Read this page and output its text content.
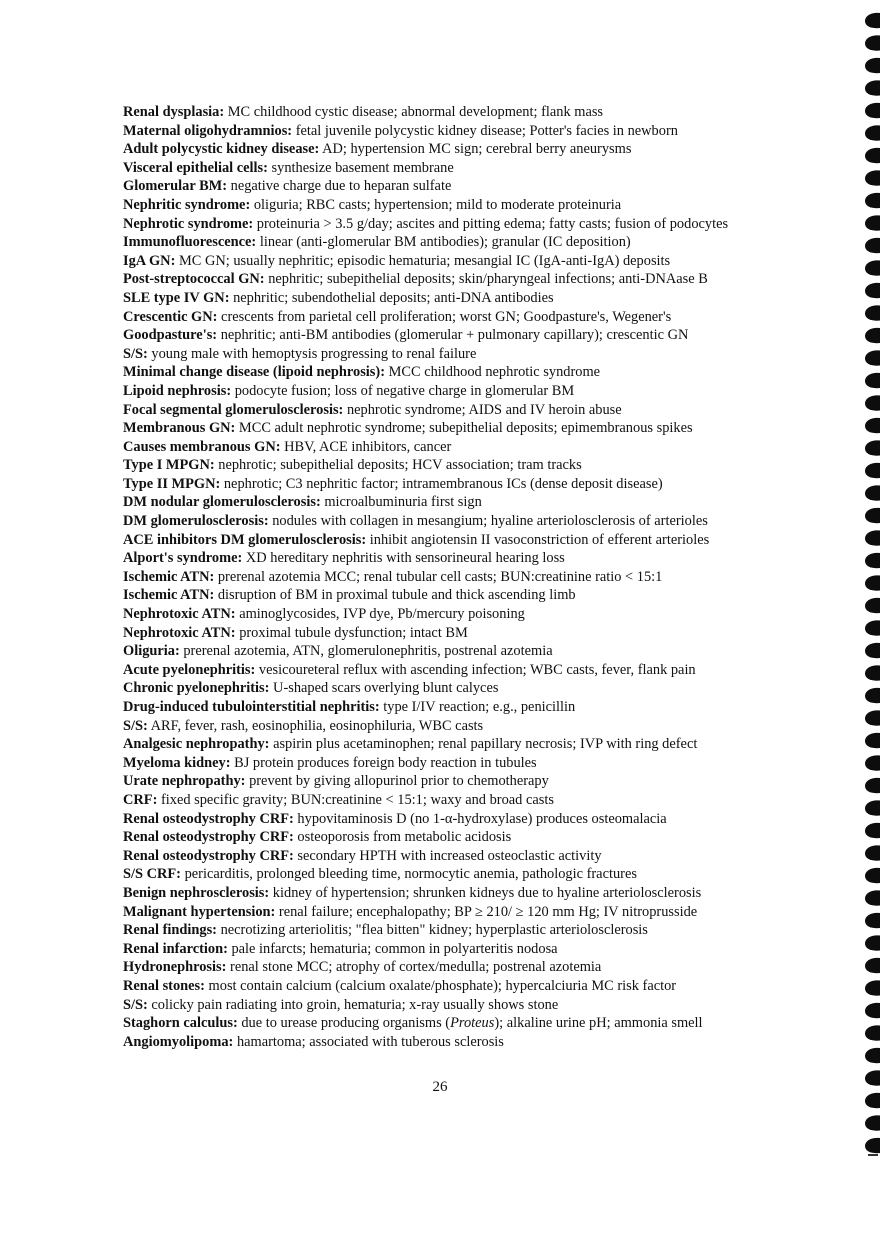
Renal dysplasia: MC childhood cystic disease; abnormal development; flank mass

Maternal oligohydramnios: fetal juvenile polycystic kidney disease; Potter's facies in newborn

Adult polycystic kidney disease: AD; hypertension MC sign; cerebral berry aneurysms

Visceral epithelial cells: synthesize basement membrane

Glomerular BM: negative charge due to heparan sulfate

Nephritic syndrome: oliguria; RBC casts; hypertension; mild to moderate proteinuria

Nephrotic syndrome: proteinuria > 3.5 g/day; ascites and pitting edema; fatty casts; fusion of podocytes

Immunofluorescence: linear (anti-glomerular BM antibodies); granular (IC deposition)

IgA GN: MC GN; usually nephritic; episodic hematuria; mesangial IC (IgA-anti-IgA) deposits

Post-streptococcal GN: nephritic; subepithelial deposits; skin/pharyngeal infections; anti-DNAase B

SLE type IV GN: nephritic; subendothelial deposits; anti-DNA antibodies

Crescentic GN: crescents from parietal cell proliferation; worst GN; Goodpasture's, Wegener's

Goodpasture's: nephritic; anti-BM antibodies (glomerular + pulmonary capillary); crescentic GN

S/S: young male with hemoptysis progressing to renal failure

Minimal change disease (lipoid nephrosis): MCC childhood nephrotic syndrome

Lipoid nephrosis: podocyte fusion; loss of negative charge in glomerular BM

Focal segmental glomerulosclerosis: nephrotic syndrome; AIDS and IV heroin abuse

Membranous GN: MCC adult nephrotic syndrome; subepithelial deposits; epimembranous spikes

Causes membranous GN: HBV, ACE inhibitors, cancer

Type I MPGN: nephrotic; subepithelial deposits; HCV association; tram tracks

Type II MPGN: nephrotic; C3 nephritic factor; intramembranous ICs (dense deposit disease)

DM nodular glomerulosclerosis: microalbuminuria first sign

DM glomerulosclerosis: nodules with collagen in mesangium; hyaline arteriolosclerosis of arterioles

ACE inhibitors DM glomerulosclerosis: inhibit angiotensin II vasoconstriction of efferent arterioles

Alport's syndrome: XD hereditary nephritis with sensorineural hearing loss

Ischemic ATN: prerenal azotemia MCC; renal tubular cell casts; BUN:creatinine ratio < 15:1

Ischemic ATN: disruption of BM in proximal tubule and thick ascending limb

Nephrotoxic ATN: aminoglycosides, IVP dye, Pb/mercury poisoning

Nephrotoxic ATN: proximal tubule dysfunction; intact BM

Oliguria: prerenal azotemia, ATN, glomerulonephritis, postrenal azotemia

Acute pyelonephritis: vesicoureteral reflux with ascending infection; WBC casts, fever, flank pain

Chronic pyelonephritis: U-shaped scars overlying blunt calyces

Drug-induced tubulointerstitial nephritis: type I/IV reaction; e.g., penicillin

S/S: ARF, fever, rash, eosinophilia, eosinophiluria, WBC casts

Analgesic nephropathy: aspirin plus acetaminophen; renal papillary necrosis; IVP with ring defect

Myeloma kidney: BJ protein produces foreign body reaction in tubules

Urate nephropathy: prevent by giving allopurinol prior to chemotherapy

CRF: fixed specific gravity; BUN:creatinine < 15:1; waxy and broad casts

Renal osteodystrophy CRF: hypovitaminosis D (no 1-α-hydroxylase) produces osteomalacia

Renal osteodystrophy CRF: osteoporosis from metabolic acidosis

Renal osteodystrophy CRF: secondary HPTH with increased osteoclastic activity

S/S CRF: pericarditis, prolonged bleeding time, normocytic anemia, pathologic fractures

Benign nephrosclerosis: kidney of hypertension; shrunken kidneys due to hyaline arteriolosclerosis

Malignant hypertension: renal failure; encephalopathy; BP ≥ 210/ ≥ 120 mm Hg; IV nitroprusside

Renal findings: necrotizing arteriolitis; "flea bitten" kidney; hyperplastic arteriolosclerosis

Renal infarction: pale infarcts; hematuria; common in polyarteritis nodosa

Hydronephrosis: renal stone MCC; atrophy of cortex/medulla; postrenal azotemia

Renal stones: most contain calcium (calcium oxalate/phosphate); hypercalciuria MC risk factor

S/S: colicky pain radiating into groin, hematuria; x-ray usually shows stone

Staghorn calculus: due to urease producing organisms (Proteus); alkaline urine pH; ammonia smell

Angiomyolipoma: hamartoma; associated with tuberous sclerosis

26
